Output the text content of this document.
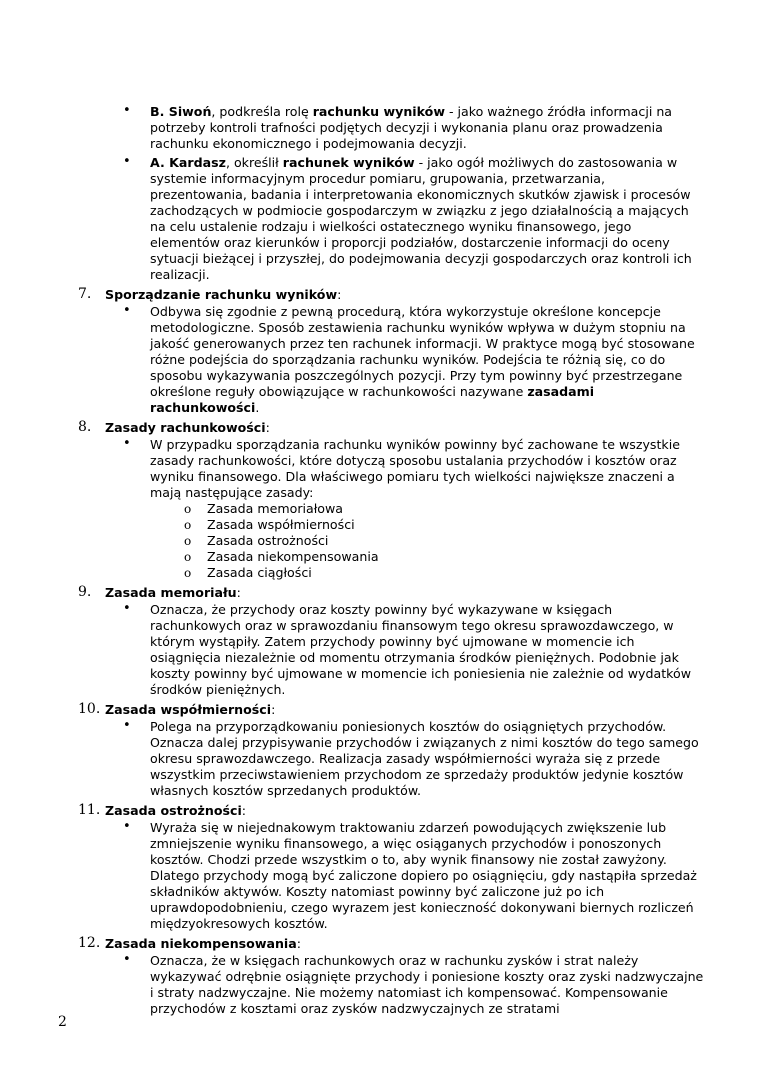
• B. Siwoń, podkreśla rolę rachunku wyników - jako ważnego źródła informacji na potrzeby kontroli trafności podjętych decyzji i wykonania planu oraz prowadzenia rachunku ekonomicznego i podejmowania decyzji.
• A. Kardasz, określił rachunek wyników - jako ogół możliwych do zastosowania w systemie informacyjnym procedur pomiaru, grupowania, przetwarzania, prezentowania, badania i interpretowania ekonomicznych skutków zjawisk i procesów zachodzących w podmiocie gospodarczym w związku z jego działalnością a mających na celu ustalenie rodzaju i wielkości ostatecznego wyniku finansowego, jego elementów oraz kierunków i proporcji podziałów, dostarczenie informacji do oceny sytuacji bieżącej i przyszłej, do podejmowania decyzji gospodarczych oraz kontroli ich realizacji.
7. Sporządzanie rachunku wyników:
• Odbywa się zgodnie z pewną procedurą, która wykorzystuje określone koncepcje metodologiczne. Sposób zestawienia rachunku wyników wpływa w dużym stopniu na jakość generowanych przez ten rachunek informacji. W praktyce mogą być stosowane różne podejścia do sporządzania rachunku wyników. Podejścia te różnią się, co do sposobu wykazywania poszczególnych pozycji. Przy tym powinny być przestrzegane określone reguły obowiązujące w rachunkowości nazywane zasadami rachunkowości.
8. Zasady rachunkowości:
• W przypadku sporządzania rachunku wyników powinny być zachowane te wszystkie zasady rachunkowości, które dotyczą sposobu ustalania przychodów i kosztów oraz wyniku finansowego. Dla właściwego pomiaru tych wielkości największe znaczeni a mają następujące zasady:
o Zasada memoriałowa
o Zasada współmierności
o Zasada ostrożności
o Zasada niekompensowania
o Zasada ciągłości
9. Zasada memoriału:
• Oznacza, że przychody oraz koszty powinny być wykazywane w księgach rachunkowych oraz w sprawozdaniu finansowym tego okresu sprawozdawczego, w którym wystąpiły. Zatem przychody powinny być ujmowane w momencie ich osiągnięcia niezależnie od momentu otrzymania środków pieniężnych. Podobnie jak koszty powinny być ujmowane w momencie ich poniesienia nie zależnie od wydatków środków pieniężnych.
10. Zasada współmierności:
• Polega na przyporządkowaniu poniesionych kosztów do osiągniętych przychodów. Oznacza dalej przypisywanie przychodów i związanych z nimi kosztów do tego samego okresu sprawozdawczego. Realizacja zasady współmierności wyraża się z przede wszystkim przeciwstawieniem przychodom ze sprzedaży produktów jedynie kosztów własnych kosztów sprzedanych produktów.
11. Zasada ostrożności:
• Wyraża się w niejednakowym traktowaniu zdarzeń powodujących zwiększenie lub zmniejszenie wyniku finansowego, a więc osiąganych przychodów i ponoszonych kosztów. Chodzi przede wszystkim o to, aby wynik finansowy nie został zawyżony. Dlatego przychody mogą być zaliczone dopiero po osiągnięciu, gdy nastąpiła sprzedaż składników aktywów. Koszty natomiast powinny być zaliczone już po ich uprawdopodobnieniu, czego wyrazem jest konieczność dokonywani biernych rozliczeń międzyokresowych kosztów.
12. Zasada niekompensowania:
• Oznacza, że w księgach rachunkowych oraz w rachunku zysków i strat należy wykazywać odrębnie osiągnięte przychody i poniesione koszty oraz zyski nadzwyczajne i straty nadzwyczajne. Nie możemy natomiast ich kompensować. Kompensowanie przychodów z kosztami oraz zysków nadzwyczajnych ze stratami
2
